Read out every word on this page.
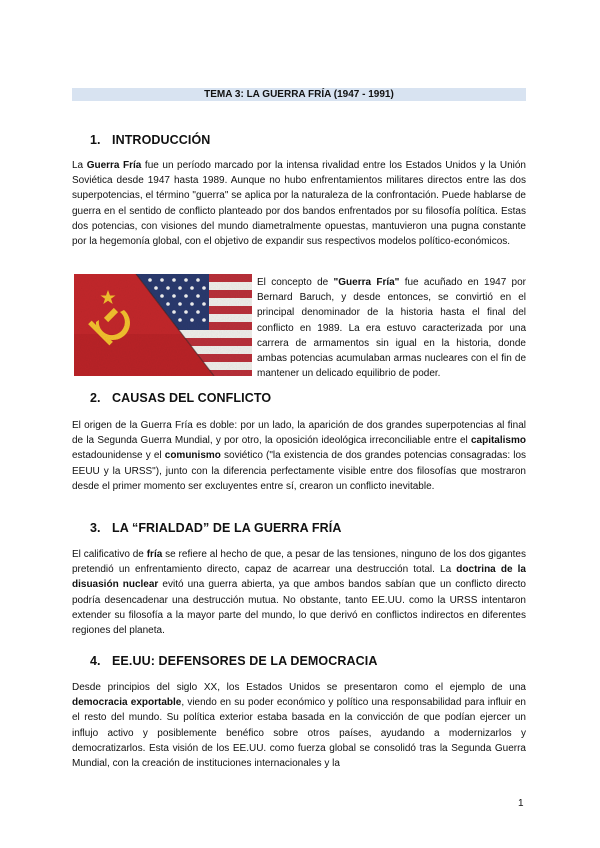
TEMA 3: LA GUERRA FRÍA (1947 - 1991)
1. INTRODUCCIÓN

La Guerra Fría fue un período marcado por la intensa rivalidad entre los Estados Unidos y la Unión Soviética desde 1947 hasta 1989. Aunque no hubo enfrentamientos militares directos entre las dos superpotencias, el término "guerra" se aplica por la naturaleza de la confrontación. Puede hablarse de guerra en el sentido de conflicto planteado por dos bandos enfrentados por su filosofía política. Estas dos potencias, con visiones del mundo diametralmente opuestas, mantuvieron una pugna constante por la hegemonía global, con el objetivo de expandir sus respectivos modelos político-económicos.

El concepto de "Guerra Fría" fue acuñado en 1947 por Bernard Baruch, y desde entonces, se convirtió en el principal denominador de la historia hasta el final del conflicto en 1989. La era estuvo caracterizada por una carrera de armamentos sin igual en la historia, donde ambas potencias acumulaban armas nucleares con el fin de mantener un delicado equilibrio de poder.

2. CAUSAS DEL CONFLICTO

El origen de la Guerra Fría es doble: por un lado, la aparición de dos grandes superpotencias al final de la Segunda Guerra Mundial, y por otro, la oposición ideológica irreconciliable entre el capitalismo estadounidense y el comunismo soviético ("la existencia de dos grandes potencias consagradas: los EEUU y la URSS"), junto con la diferencia perfectamente visible entre dos filosofías que mostraron desde el primer momento ser excluyentes entre sí, crearon un conflicto inevitable.

3. LA “FRIALDAD” DE LA GUERRA FRÍA

El calificativo de fría se refiere al hecho de que, a pesar de las tensiones, ninguno de los dos gigantes pretendió un enfrentamiento directo, capaz de acarrear una destrucción total. La doctrina de la disuasión nuclear evitó una guerra abierta, ya que ambos bandos sabían que un conflicto directo podría desencadenar una destrucción mutua. No obstante, tanto EE.UU. como la URSS intentaron extender su filosofía a la mayor parte del mundo, lo que derivó en conflictos indirectos en diferentes regiones del planeta.

4. EE.UU: DEFENSORES DE LA DEMOCRACIA

Desde principios del siglo XX, los Estados Unidos se presentaron como el ejemplo de una democracia exportable, viendo en su poder económico y político una responsabilidad para influir en el resto del mundo. Su política exterior estaba basada en la convicción de que podían ejercer un influjo activo y posiblemente benéfico sobre otros países, ayudando a modernizarlos y democratizarlos. Esta visión de los EE.UU. como fuerza global se consolidó tras la Segunda Guerra Mundial, con la creación de instituciones internacionales y la

1
